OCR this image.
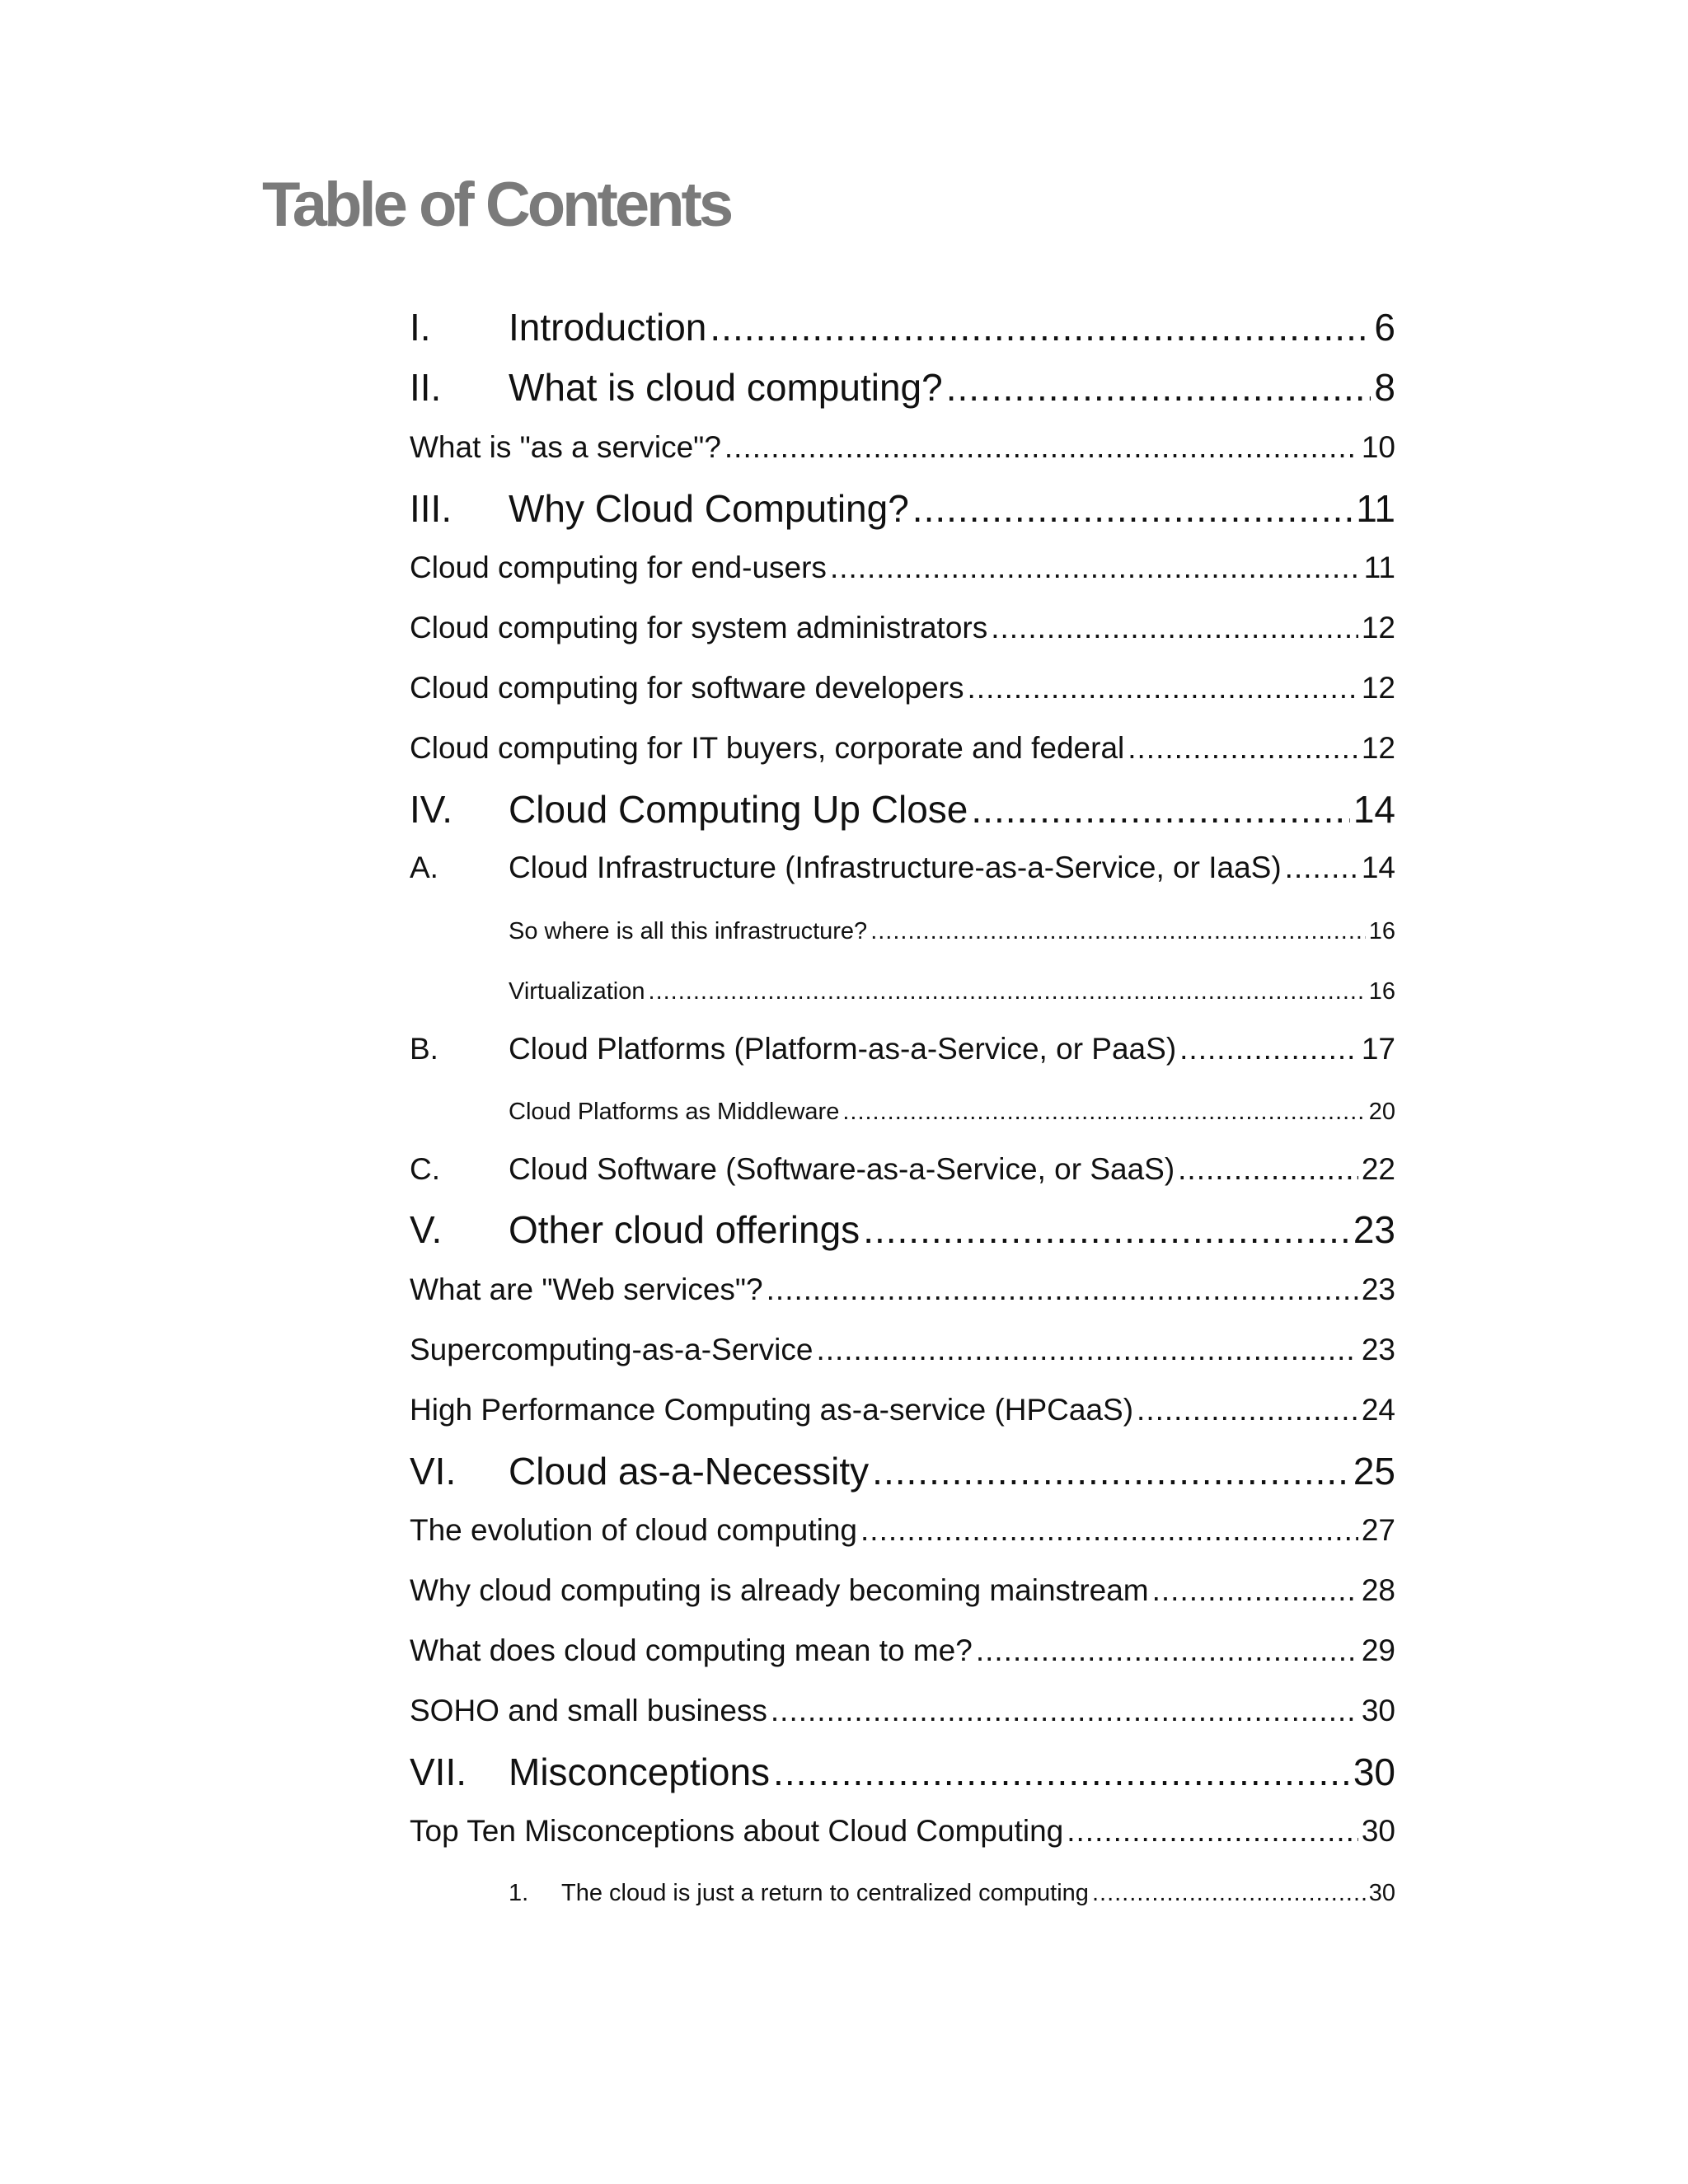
Table of Contents
I.	Introduction .....	6
II.	What is cloud computing? .....	8
What is "as a service"? .....	10
III.	Why Cloud Computing? .....	11
Cloud computing for end-users .....	11
Cloud computing for system administrators .....	12
Cloud computing for software developers .....	12
Cloud computing for IT buyers, corporate and federal .....	12
IV.	Cloud Computing Up Close .....	14
A.	Cloud Infrastructure (Infrastructure-as-a-Service, or IaaS) .....	14
So where is all this infrastructure? .....	16
Virtualization .....	16
B.	Cloud Platforms (Platform-as-a-Service, or PaaS) .....	17
Cloud Platforms as Middleware .....	20
C.	Cloud Software (Software-as-a-Service, or SaaS) .....	22
V.	Other cloud offerings .....	23
What are "Web services"? .....	23
Supercomputing-as-a-Service .....	23
High Performance Computing as-a-service (HPCaaS) .....	24
VI.	Cloud as-a-Necessity .....	25
The evolution of cloud computing .....	27
Why cloud computing is already becoming mainstream .....	28
What does cloud computing mean to me? .....	29
SOHO and small business .....	30
VII.	Misconceptions .....	30
Top Ten Misconceptions about Cloud Computing .....	30
1.	The cloud is just a return to centralized computing .....	30
